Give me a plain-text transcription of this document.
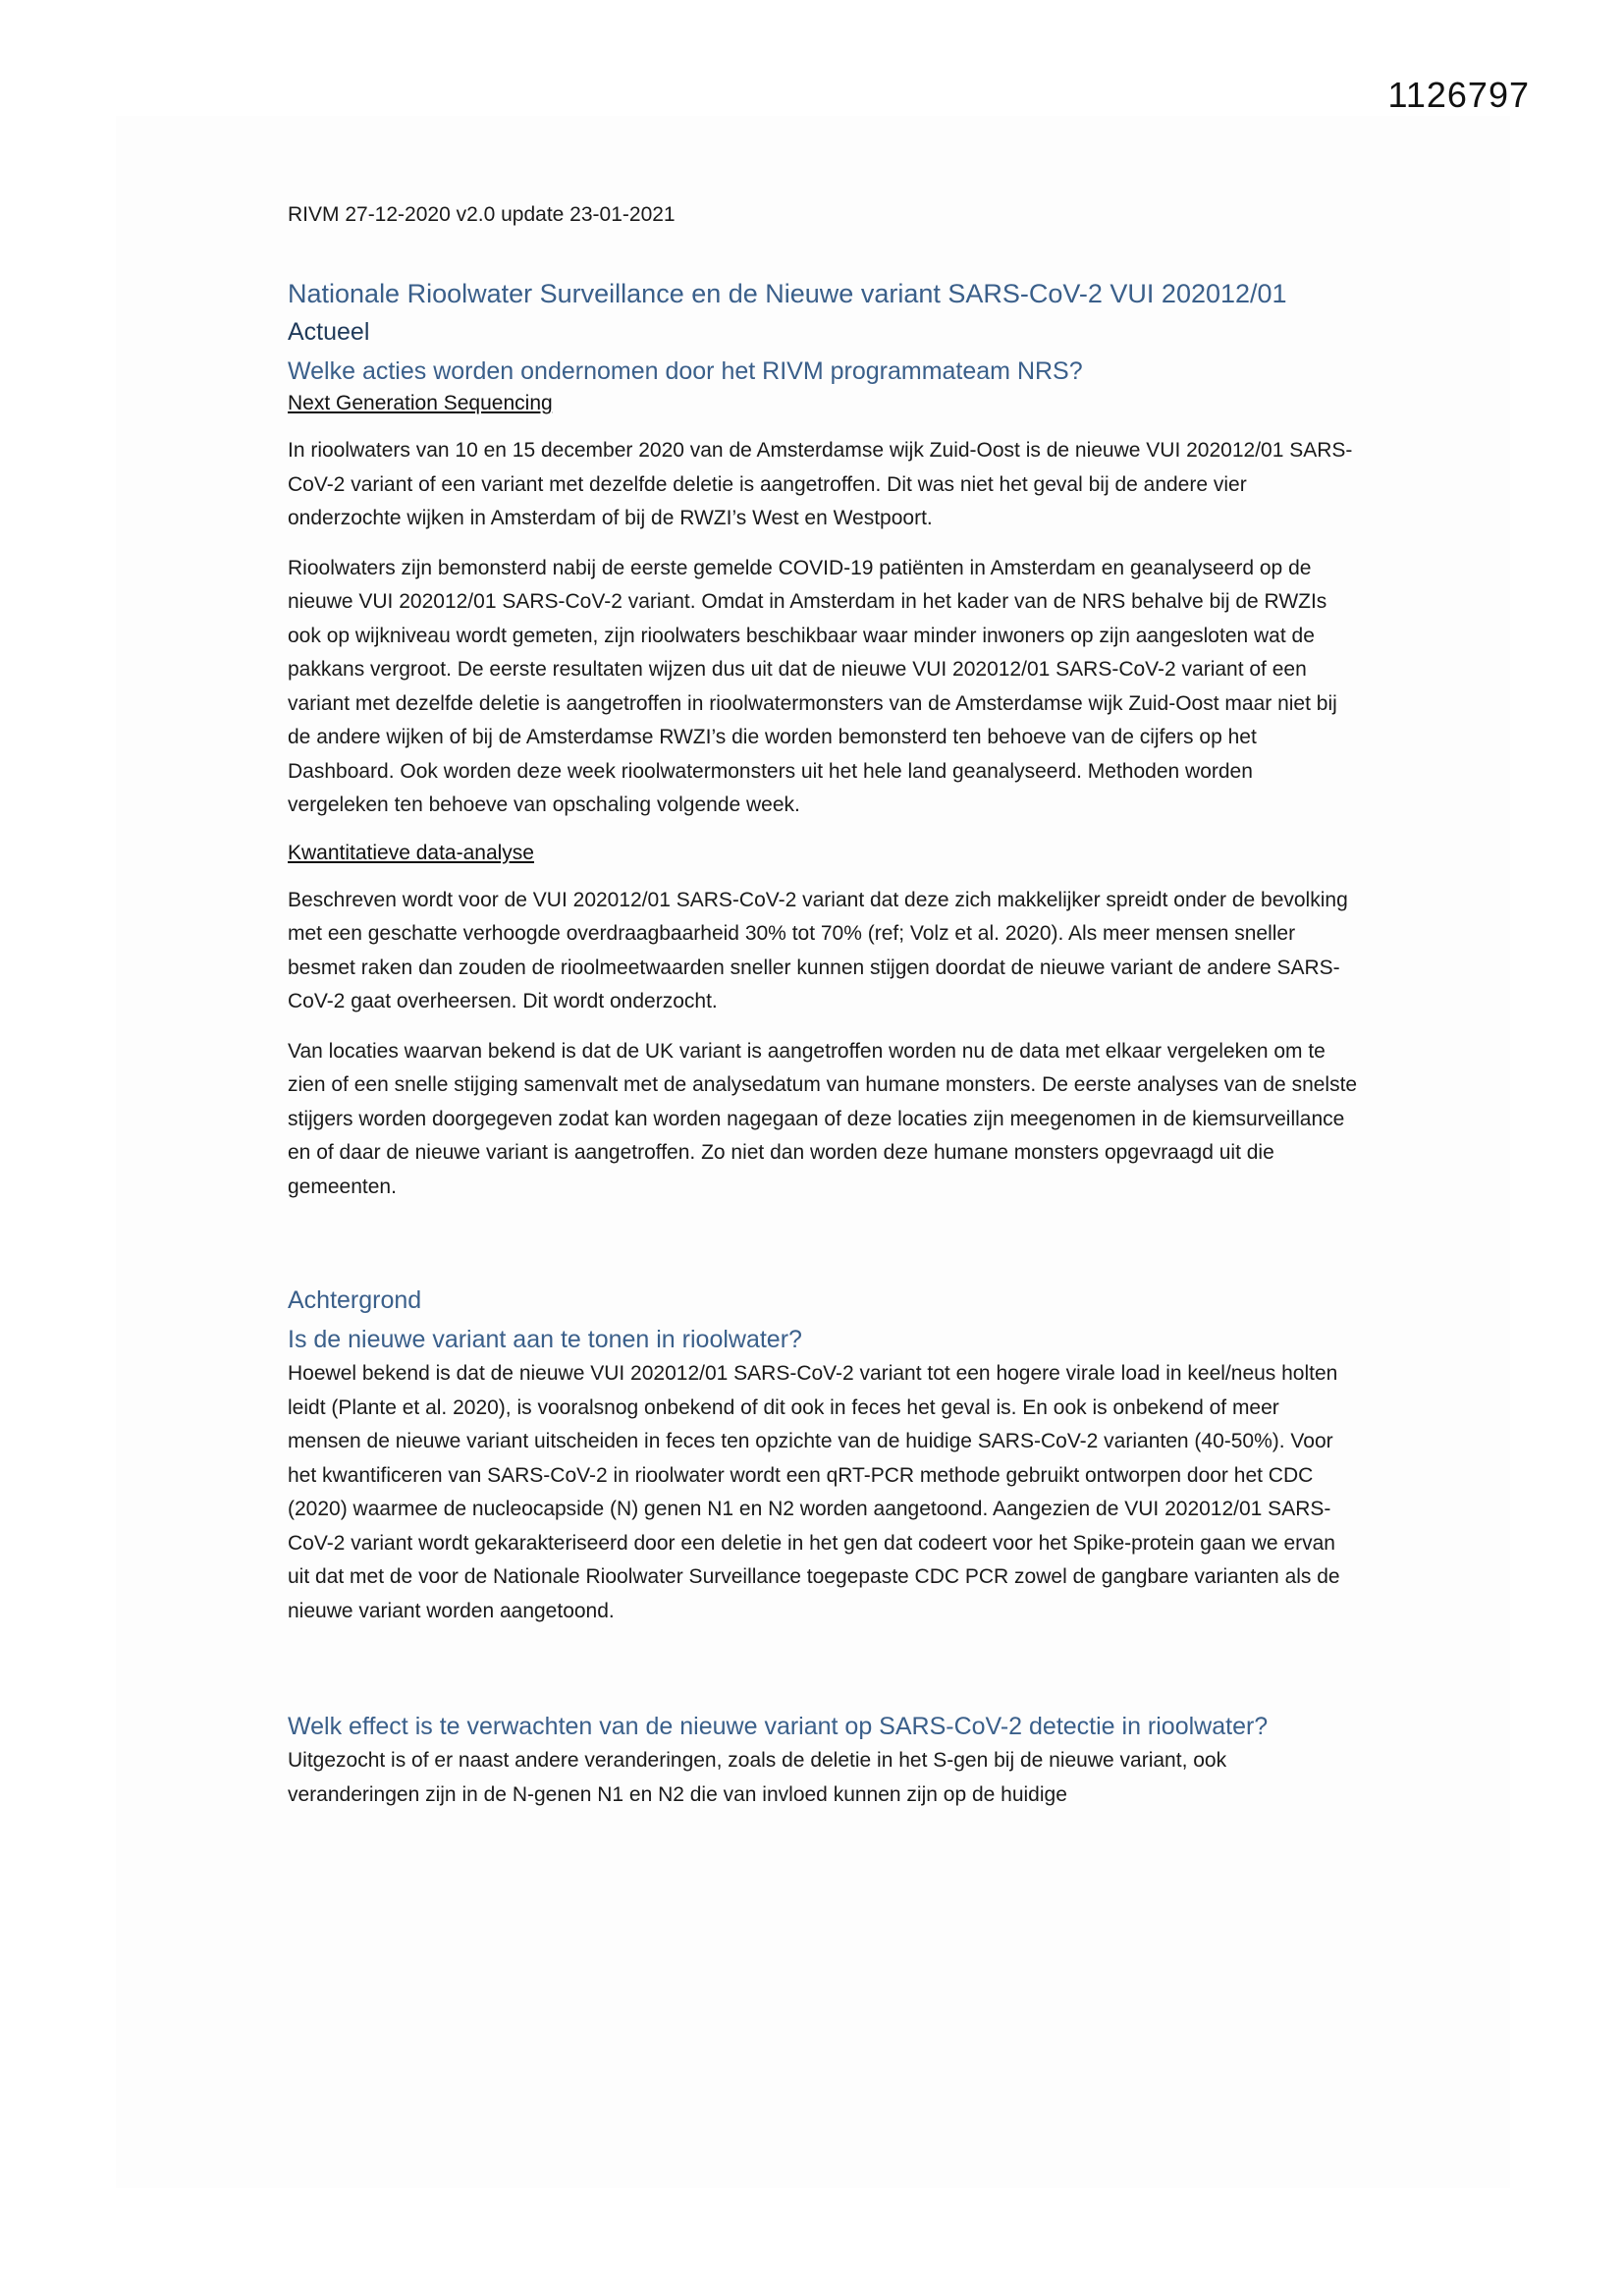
1126797
RIVM 27-12-2020 v2.0 update 23-01-2021
Nationale Rioolwater Surveillance en de Nieuwe variant SARS-CoV-2 VUI 202012/01
Actueel
Welke acties worden ondernomen door het RIVM programmateam NRS?
Next Generation Sequencing

In rioolwaters van 10 en 15 december 2020 van de Amsterdamse wijk Zuid-Oost is de nieuwe VUI 202012/01 SARS-CoV-2 variant of een variant met dezelfde deletie is aangetroffen. Dit was niet het geval bij de andere vier onderzochte wijken in Amsterdam of bij de RWZI’s West en Westpoort.

Rioolwaters zijn bemonsterd nabij de eerste gemelde COVID-19 patiënten in Amsterdam en geanalyseerd op de nieuwe VUI 202012/01 SARS-CoV-2 variant. Omdat in Amsterdam in het kader van de NRS behalve bij de RWZIs ook op wijkniveau wordt gemeten, zijn rioolwaters beschikbaar waar minder inwoners op zijn aangesloten wat de pakkans vergroot. De eerste resultaten wijzen dus uit dat de nieuwe VUI 202012/01 SARS-CoV-2 variant of een variant met dezelfde deletie is aangetroffen in rioolwatermonsters van de Amsterdamse wijk Zuid-Oost maar niet bij de andere wijken of bij de Amsterdamse RWZI’s die worden bemonsterd ten behoeve van de cijfers op het Dashboard. Ook worden deze week rioolwatermonsters uit het hele land geanalyseerd. Methoden worden vergeleken ten behoeve van opschaling volgende week.

Kwantitatieve data-analyse

Beschreven wordt voor de VUI 202012/01 SARS-CoV-2 variant dat deze zich makkelijker spreidt onder de bevolking met een geschatte verhoogde overdraagbaarheid 30% tot 70% (ref; Volz et al. 2020). Als meer mensen sneller besmet raken dan zouden de rioolmeetwaarden sneller kunnen stijgen doordat de nieuwe variant de andere SARS-CoV-2 gaat overheersen. Dit wordt onderzocht.

Van locaties waarvan bekend is dat de UK variant is aangetroffen worden nu de data met elkaar vergeleken om te zien of een snelle stijging samenvalt met de analysedatum van humane monsters. De eerste analyses van de snelste stijgers worden doorgegeven zodat kan worden nagegaan of deze locaties zijn meegenomen in de kiemsurveillance en of daar de nieuwe variant is aangetroffen. Zo niet dan worden deze humane monsters opgevraagd uit die gemeenten.

Achtergrond
Is de nieuwe variant aan te tonen in rioolwater?

Hoewel bekend is dat de nieuwe VUI 202012/01 SARS-CoV-2 variant tot een hogere virale load in keel/neus holten leidt (Plante et al. 2020), is vooralsnog onbekend of dit ook in feces het geval is. En ook is onbekend of meer mensen de nieuwe variant uitscheiden in feces ten opzichte van de huidige SARS-CoV-2 varianten (40-50%). Voor het kwantificeren van SARS-CoV-2 in rioolwater wordt een qRT-PCR methode gebruikt ontworpen door het CDC (2020) waarmee de nucleocapside (N) genen N1 en N2 worden aangetoond. Aangezien de VUI 202012/01 SARS-CoV-2 variant wordt gekarakteriseerd door een deletie in het gen dat codeert voor het Spike-protein gaan we ervan uit dat met de voor de Nationale Rioolwater Surveillance toegepaste CDC PCR zowel de gangbare varianten als de nieuwe variant worden aangetoond.

Welk effect is te verwachten van de nieuwe variant op SARS-CoV-2 detectie in rioolwater?

Uitgezocht is of er naast andere veranderingen, zoals de deletie in het S-gen bij de nieuwe variant, ook veranderingen zijn in de N-genen N1 en N2 die van invloed kunnen zijn op de huidige
